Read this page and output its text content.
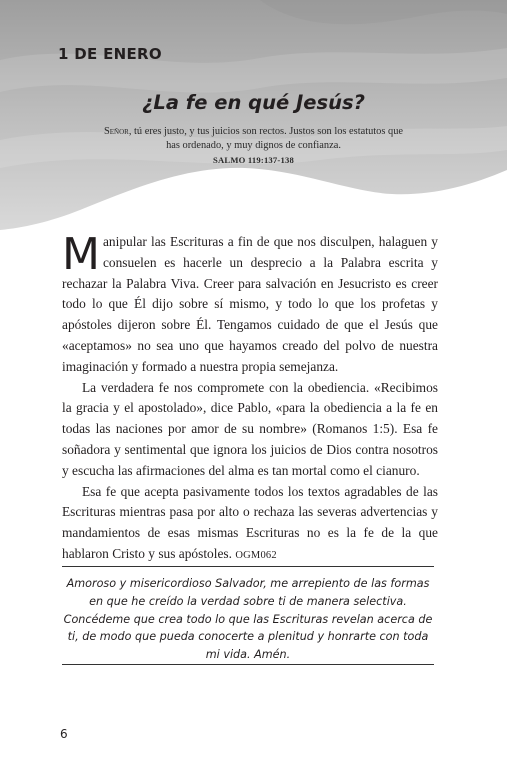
1 DE ENERO
¿La fe en qué Jesús?
Señor, tú eres justo, y tus juicios son rectos. Justos son los estatutos que has ordenado, y muy dignos de confianza.
SALMO 119:137-138

Manipular las Escrituras a fin de que nos disculpen, halaguen y consuelen es hacerle un desprecio a la Palabra escrita y rechazar la Palabra Viva. Creer para salvación en Jesucristo es creer todo lo que Él dijo sobre sí mismo, y todo lo que los profetas y apóstoles dijeron sobre Él. Tengamos cuidado de que el Jesús que «aceptamos» no sea uno que hayamos creado del polvo de nuestra imaginación y formado a nuestra propia semejanza.

La verdadera fe nos compromete con la obediencia. «Recibimos la gracia y el apostolado», dice Pablo, «para la obediencia a la fe en todas las naciones por amor de su nombre» (Romanos 1:5). Esa fe soñadora y sentimental que ignora los juicios de Dios contra nosotros y escucha las afirmaciones del alma es tan mortal como el cianuro.

Esa fe que acepta pasivamente todos los textos agradables de las Escrituras mientras pasa por alto o rechaza las severas advertencias y mandamientos de esas mismas Escrituras no es la fe de la que hablaron Cristo y sus apóstoles. OGM062

Amoroso y misericordioso Salvador, me arrepiento de las formas en que he creído la verdad sobre ti de manera selectiva. Concédeme que crea todo lo que las Escrituras revelan acerca de ti, de modo que pueda conocerte a plenitud y honrarte con toda mi vida. Amén.
6
